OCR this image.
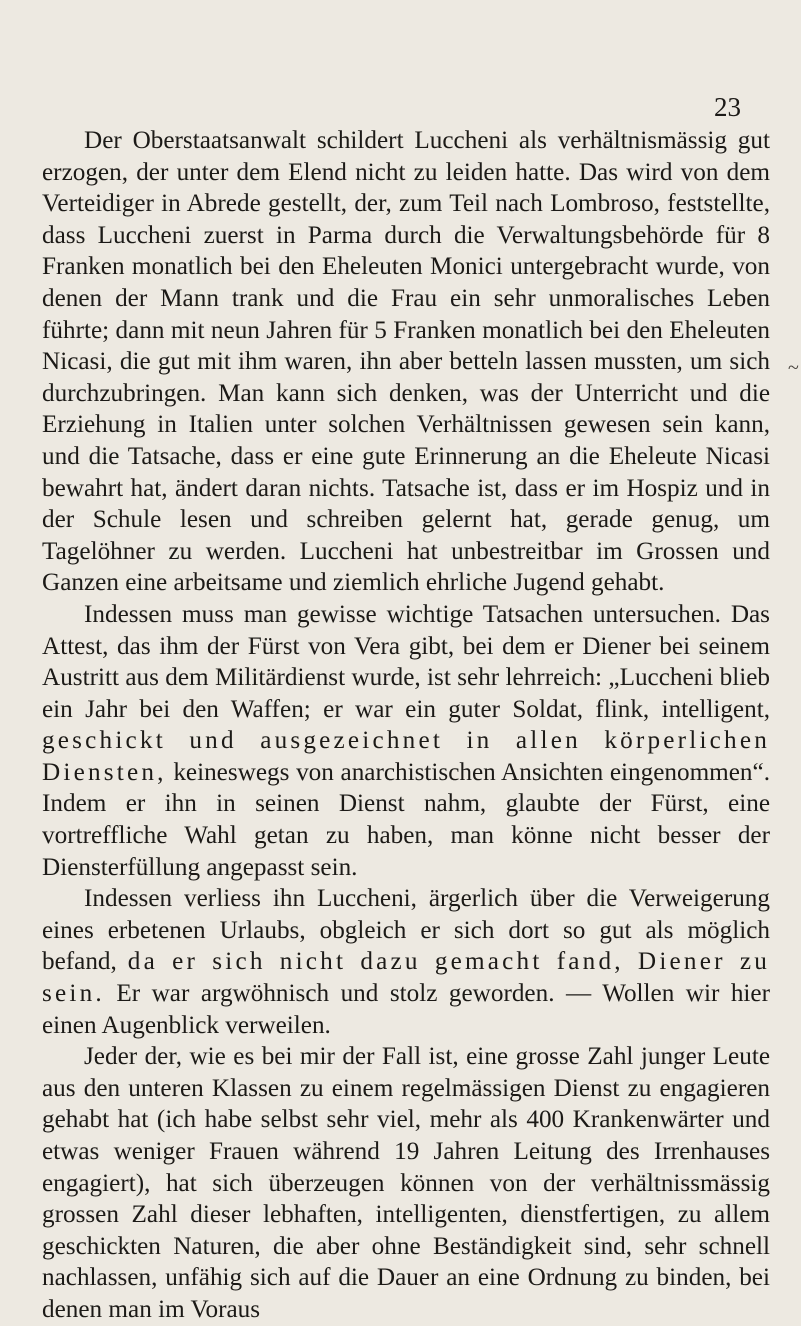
23
~

Der Oberstaatsanwalt schildert Luccheni als verhältnismässig gut erzogen, der unter dem Elend nicht zu leiden hatte. Das wird von dem Verteidiger in Abrede gestellt, der, zum Teil nach Lombroso, feststellte, dass Luccheni zuerst in Parma durch die Verwaltungsbehörde für 8 Franken monatlich bei den Eheleuten Monici untergebracht wurde, von denen der Mann trank und die Frau ein sehr unmoralisches Leben führte; dann mit neun Jahren für 5 Franken monatlich bei den Eheleuten Nicasi, die gut mit ihm waren, ihn aber betteln lassen mussten, um sich durchzubringen. Man kann sich denken, was der Unterricht und die Erziehung in Italien unter solchen Verhältnissen gewesen sein kann, und die Tatsache, dass er eine gute Erinnerung an die Eheleute Nicasi bewahrt hat, ändert daran nichts. Tatsache ist, dass er im Hospiz und in der Schule lesen und schreiben gelernt hat, gerade genug, um Tagelöhner zu werden. Luccheni hat unbestreitbar im Grossen und Ganzen eine arbeitsame und ziemlich ehrliche Jugend gehabt.

Indessen muss man gewisse wichtige Tatsachen untersuchen. Das Attest, das ihm der Fürst von Vera gibt, bei dem er Diener bei seinem Austritt aus dem Militärdienst wurde, ist sehr lehrreich: „Luccheni blieb ein Jahr bei den Waffen; er war ein guter Soldat, flink, intelligent, geschickt und ausgezeichnet in allen körperlichen Diensten, keineswegs von anarchistischen Ansichten eingenommen“. Indem er ihn in seinen Dienst nahm, glaubte der Fürst, eine vortreffliche Wahl getan zu haben, man könne nicht besser der Diensterfüllung angepasst sein.

Indessen verliess ihn Luccheni, ärgerlich über die Verweigerung eines erbetenen Urlaubs, obgleich er sich dort so gut als möglich befand, da er sich nicht dazu gemacht fand, Diener zu sein. Er war argwöhnisch und stolz geworden. — Wollen wir hier einen Augenblick verweilen.

Jeder der, wie es bei mir der Fall ist, eine grosse Zahl junger Leute aus den unteren Klassen zu einem regelmässigen Dienst zu engagieren gehabt hat (ich habe selbst sehr viel, mehr als 400 Krankenwärter und etwas weniger Frauen während 19 Jahren Leitung des Irrenhauses engagiert), hat sich überzeugen können von der verhältnissmässig grossen Zahl dieser lebhaften, intelligenten, dienstfertigen, zu allem geschickten Naturen, die aber ohne Beständigkeit sind, sehr schnell nachlassen, unfähig sich auf die Dauer an eine Ordnung zu binden, bei denen man im Voraus
